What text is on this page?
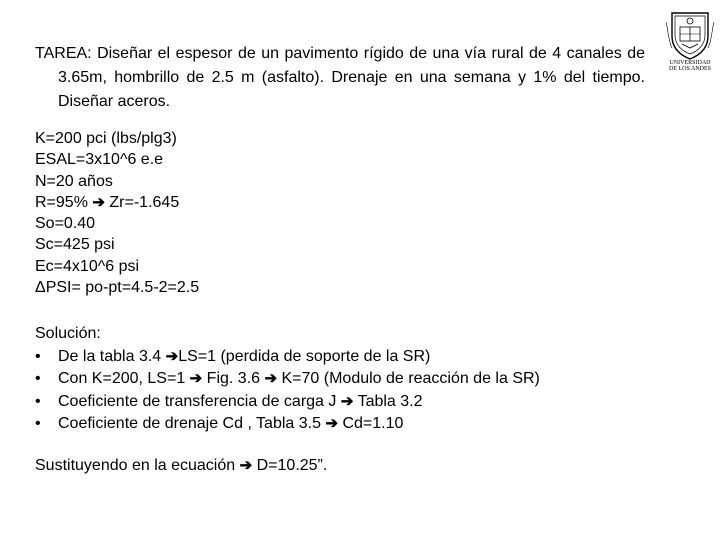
TAREA: Diseñar el espesor de un pavimento rígido de una vía rural de 4 canales de 3.65m, hombrillo de 2.5 m (asfalto). Drenaje en una semana y 1% del tiempo. Diseñar aceros.
K=200 pci (lbs/plg3)
ESAL=3x10^6 e.e
N=20 años
R=95% ➔ Zr=-1.645
So=0.40
Sc=425 psi
Ec=4x10^6 psi
ΔPSI= po-pt=4.5-2=2.5
Solución:
• De la tabla 3.4 ➔LS=1 (perdida de soporte de la SR)
• Con K=200, LS=1 ➔ Fig. 3.6 ➔ K=70 (Modulo de reacción de la SR)
• Coeficiente de transferencia de carga J ➔ Tabla 3.2
• Coeficiente de drenaje Cd , Tabla 3.5 ➔ Cd=1.10
Sustituyendo en la ecuación ➔ D=10.25”.
UNIVERSIDAD
DE LOS ANDES
